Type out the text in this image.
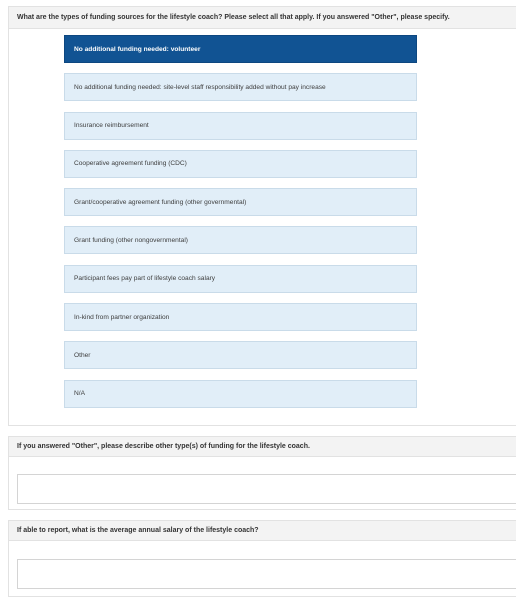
What are the types of funding sources for the lifestyle coach? Please select all that apply. If you answered "Other", please specify.
No additional funding needed: volunteer
No additional funding needed: site-level staff responsibility added without pay increase
Insurance reimbursement
Cooperative agreement funding (CDC)
Grant/cooperative agreement funding (other governmental)
Grant funding (other nongovernmental)
Participant fees pay part of lifestyle coach salary
In-kind from partner organization
Other
N/A
If you answered "Other", please describe other type(s) of funding for the lifestyle coach.
If able to report, what is the average annual salary of the lifestyle coach?
